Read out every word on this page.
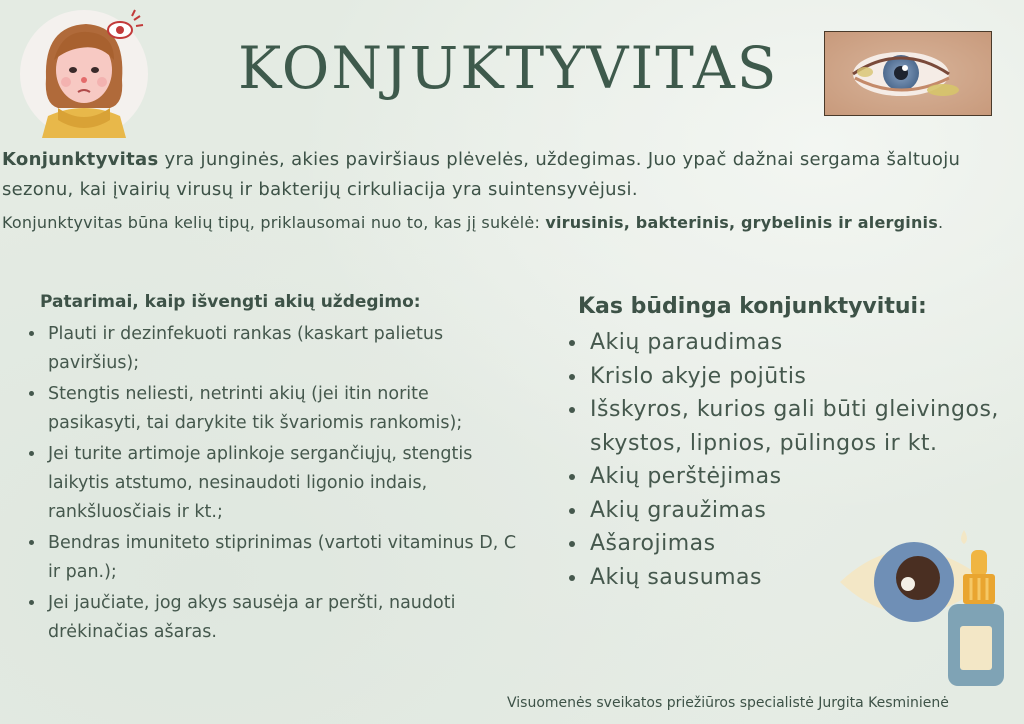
KONJUKTYVITAS
Konjunktyvitas yra junginės, akies paviršiaus plėvelės, uždegimas. Juo ypač dažnai sergama šaltuoju sezonu, kai įvairių virusų ir bakterijų cirkuliacija yra suintensyvėjusi.
Konjunktyvitas būna kelių tipų, priklausomai nuo to, kas jį sukėlė: virusinis, bakterinis, grybelinis ir alerginis.
Patarimai, kaip išvengti akių uždegimo:
• Plauti ir dezinfekuoti rankas (kaskart palietus paviršius);
• Stengtis neliesti, netrinti akių (jei itin norite pasikasyti, tai darykite tik švariomis rankomis);
• Jei turite artimoje aplinkoje sergančiųjų, stengtis laikytis atstumo, nesinaudoti ligonio indais, rankšluosčiais ir kt.;
• Bendras imuniteto stiprinimas (vartoti vitaminus D, C ir pan.);
• Jei jaučiate, jog akys sausėja ar peršti, naudoti drėkinačias ašaras.
Kas būdinga konjunktyvitui:
• Akių paraudimas
• Krislo akyje pojūtis
• Išskyros, kurios gali būti gleivingos, skystos, lipnios, pūlingos ir kt.
• Akių perštėjimas
• Akių graužimas
• Ašarojimas
• Akių sausumas
Visuomenės sveikatos priežiūros specialistė Jurgita Kesminienė
